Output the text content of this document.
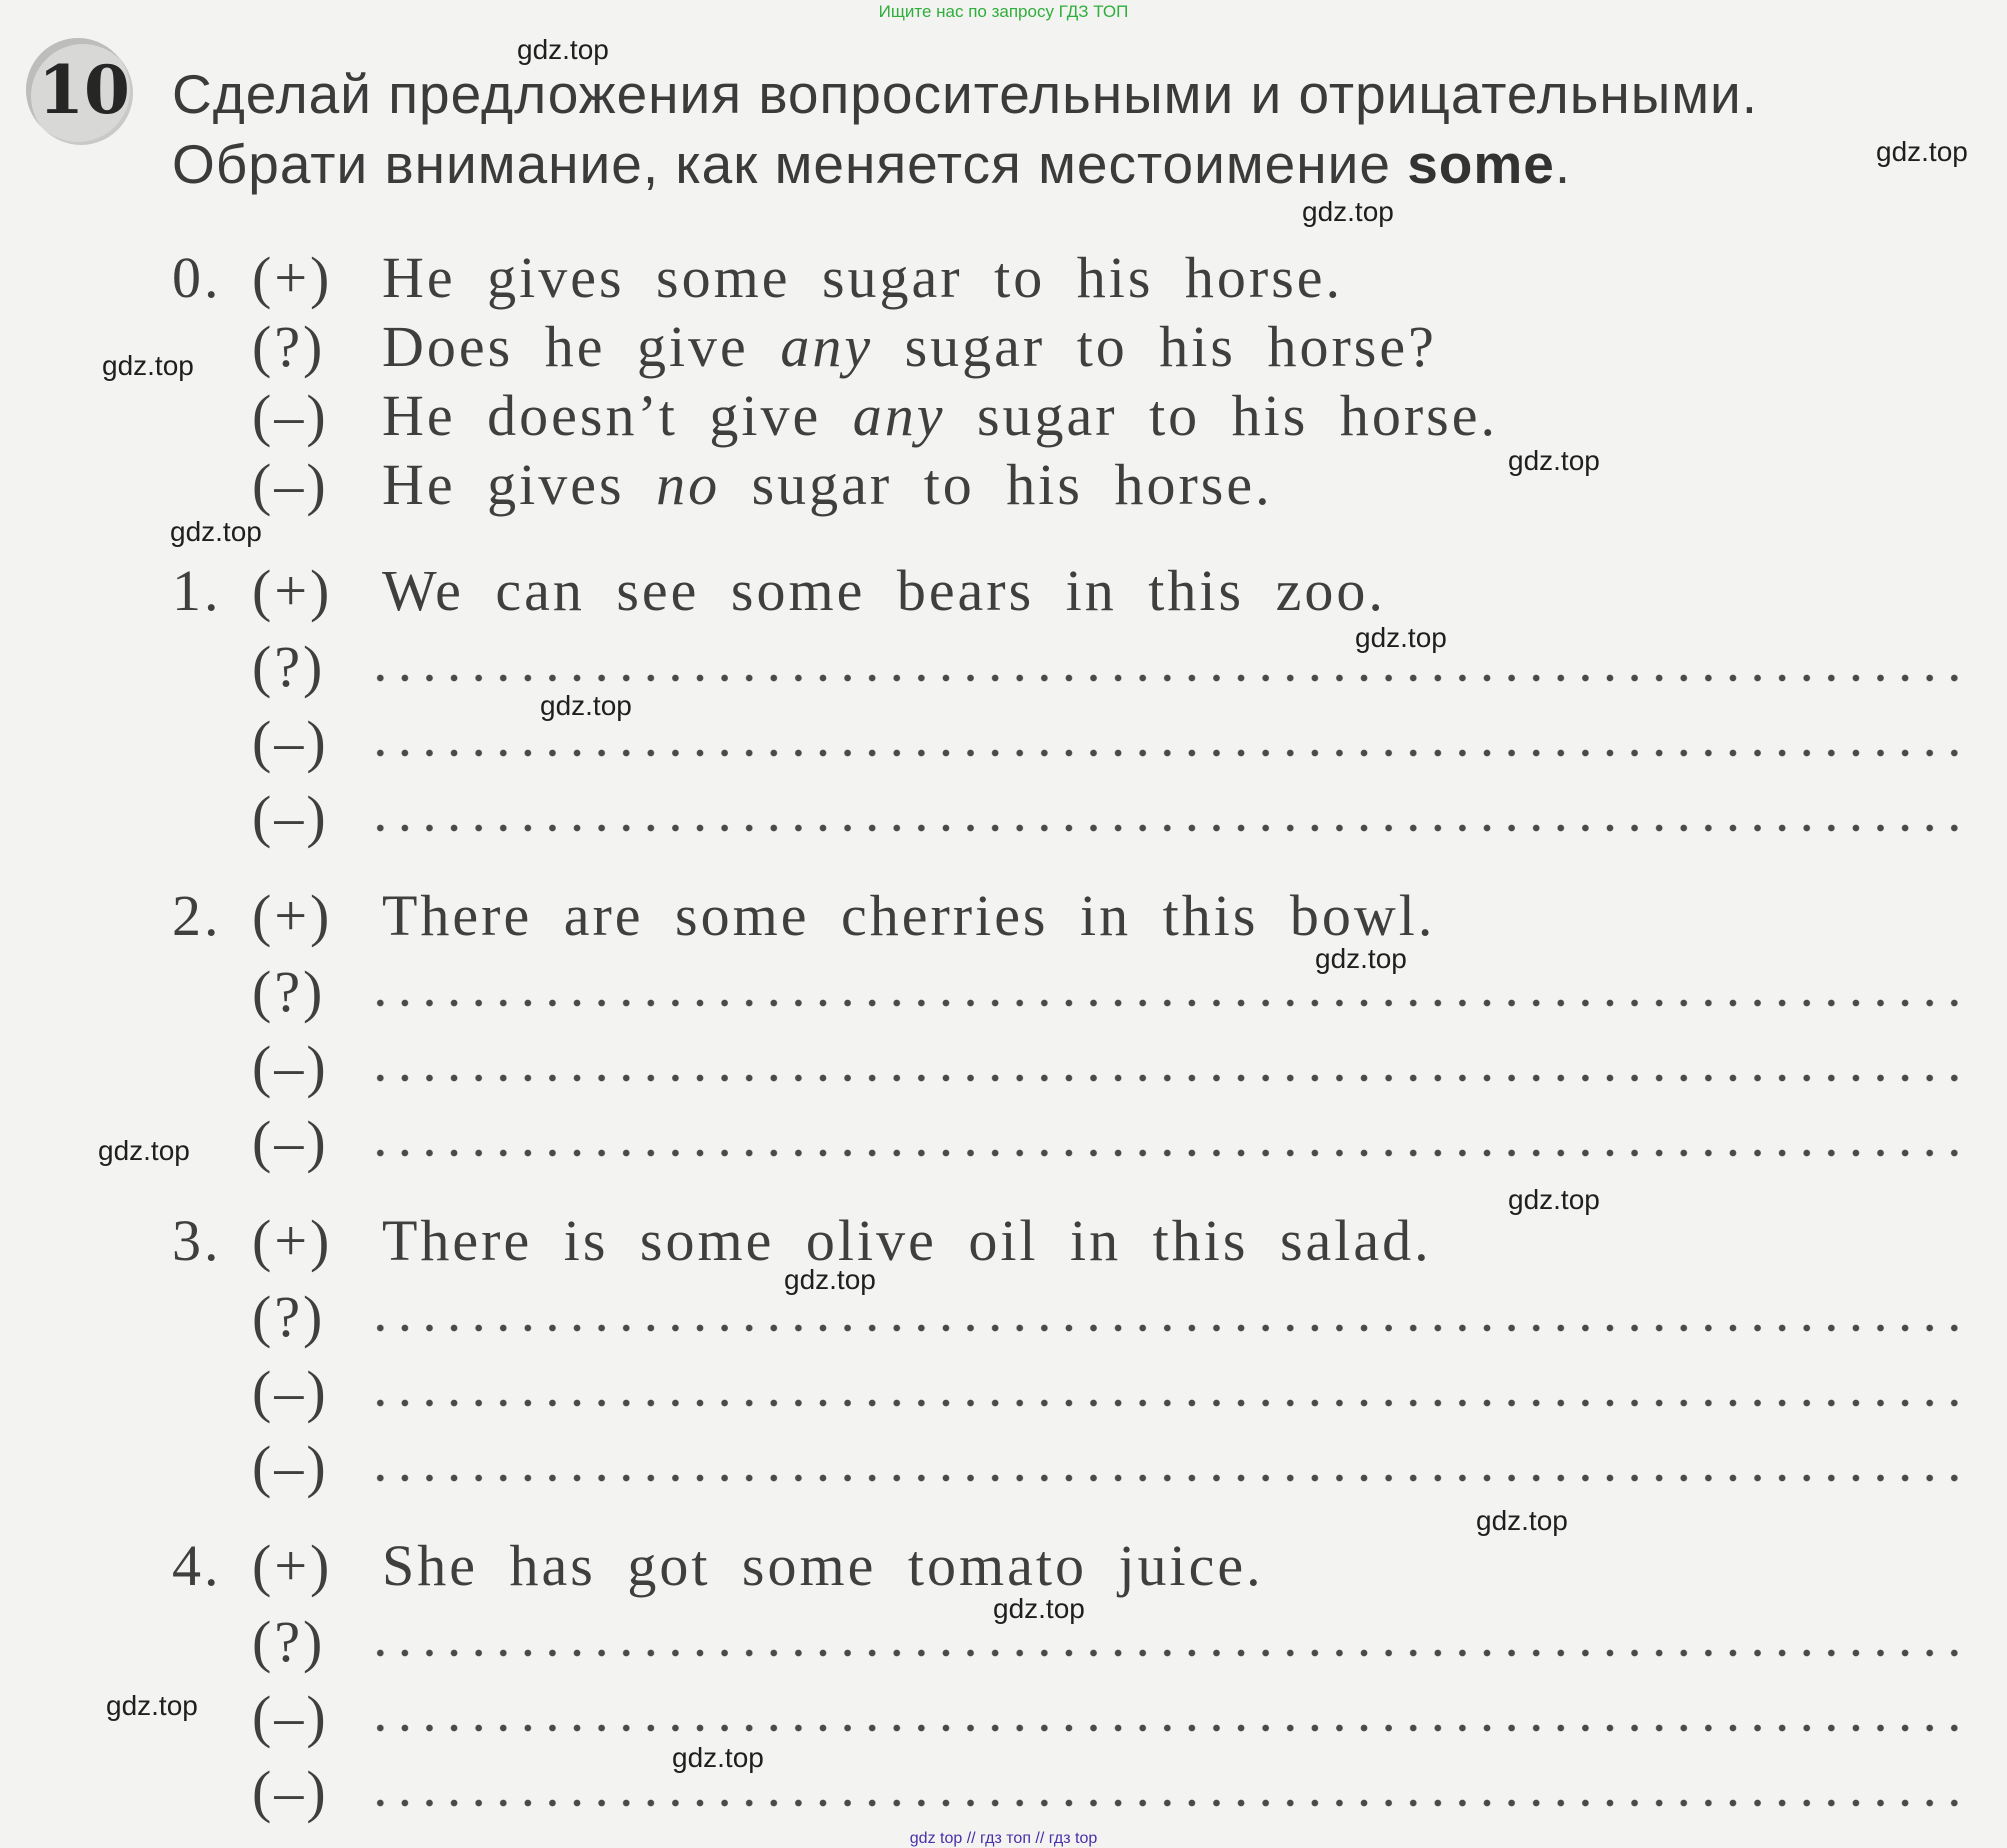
Ищите нас по запросу ГДЗ ТОП
10 Сделай предложения вопросительными и отрицательными.
Обрати внимание, как меняется местоимение some.
0. (+) He gives some sugar to his horse.
(?) Does he give any sugar to his horse?
(–) He doesn’t give any sugar to his horse.
(–) He gives no sugar to his horse.
1. (+) We can see some bears in this zoo.
(?)
(–)
(–)
2. (+) There are some cherries in this bowl.
(?)
(–)
(–)
3. (+) There is some olive oil in this salad.
(?)
(–)
(–)
4. (+) She has got some tomato juice.
(?)
(–)
(–)
gdz.top
gdz.top
gdz.top
gdz.top
gdz.top
gdz.top
gdz.top
gdz.top
gdz.top
gdz.top
gdz.top
gdz.top
gdz.top
gdz.top
gdz.top
gdz.top
gdz top // гдз топ // гдз top
